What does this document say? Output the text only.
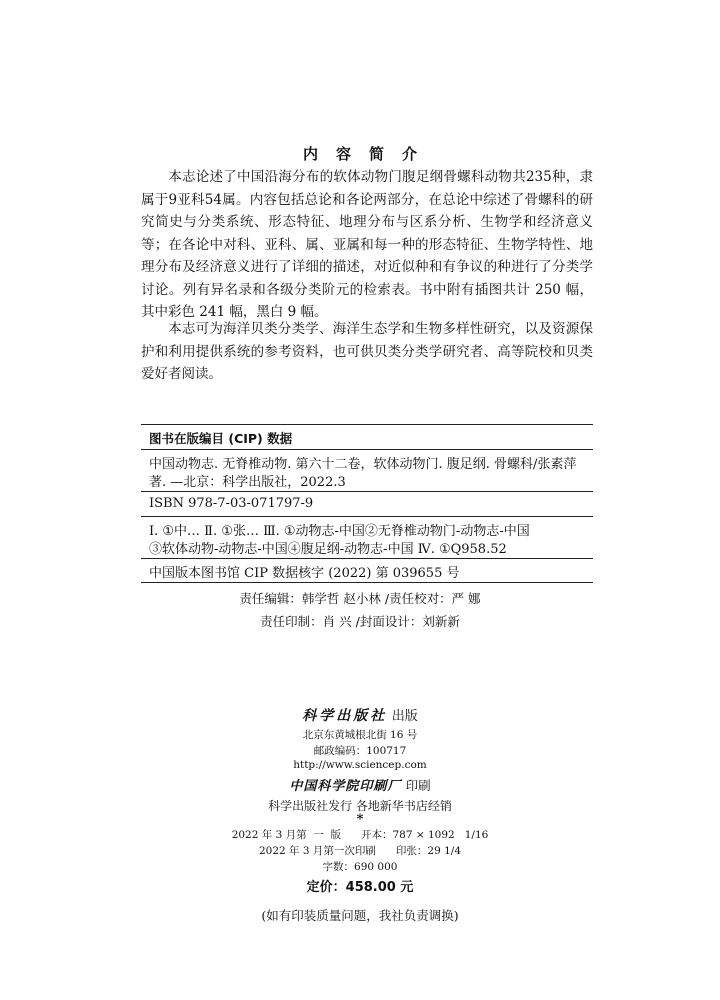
内容简介

本志论述了中国沿海分布的软体动物门腹足纲骨螺科动物共235种，隶属于9亚科54属。内容包括总论和各论两部分，在总论中综述了骨螺科的研究简史与分类系统、形态特征、地理分布与区系分析、生物学和经济意义等；在各论中对科、亚科、属、亚属和每一种的形态特征、生物学特性、地理分布及经济意义进行了详细的描述，对近似种和有争议的种进行了分类学讨论。列有异名录和各级分类阶元的检索表。书中附有插图共计 250 幅，其中彩色 241 幅，黑白 9 幅。

本志可为海洋贝类分类学、海洋生态学和生物多样性研究，以及资源保护和利用提供系统的参考资料，也可供贝类分类学研究者、高等院校和贝类爱好者阅读。

图书在版编目 (CIP) 数据
中国动物志. 无脊椎动物. 第六十二卷，软体动物门. 腹足纲. 骨螺科/张素萍
著. —北京：科学出版社，2022.3
ISBN 978-7-03-071797-9
Ⅰ. ①中… Ⅱ. ①张… Ⅲ. ①动物志-中国②无脊椎动物门-动物志-中国
③软体动物-动物志-中国④腹足纲-动物志-中国 Ⅳ. ①Q958.52
中国版本图书馆 CIP 数据核字 (2022) 第 039655 号
责任编辑：韩学哲 赵小林 /责任校对：严 娜
责任印制：肖 兴 /封面设计：刘新新
科学出版社 出版
北京东黄城根北街 16 号
邮政编码：100717
http://www.sciencep.com
中国科学院印刷厂 印刷
科学出版社发行 各地新华书店经销
*
2022 年 3 月第  一  版      开本：787 × 1092   1/16
2022 年 3 月第一次印刷      印张：29 1/4
字数：690 000
定价：458.00 元
(如有印装质量问题，我社负责调换)
